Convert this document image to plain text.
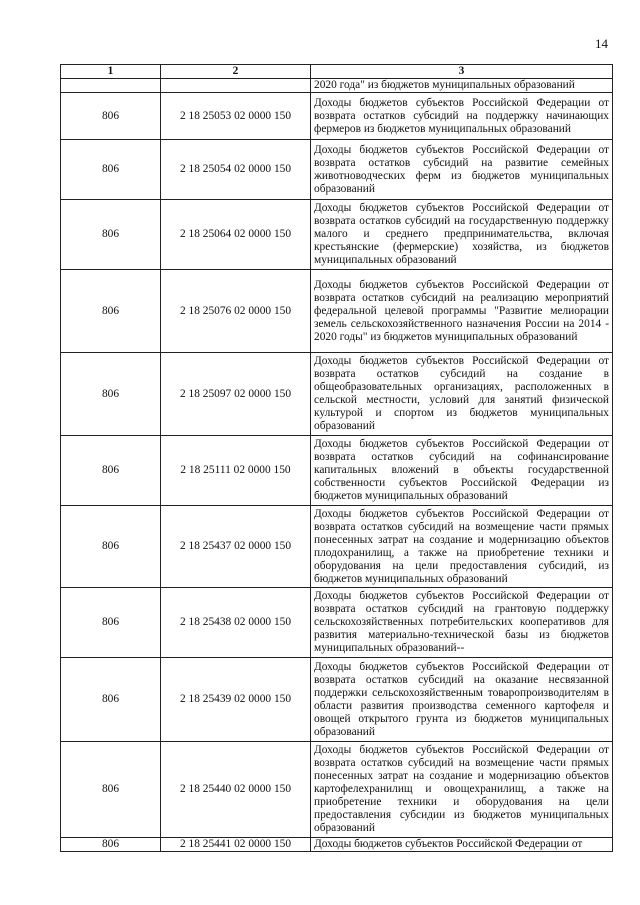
14
1	2	3
		2020 года" из бюджетов муниципальных образований
806	2 18 25053 02 0000 150	Доходы бюджетов субъектов Российской Федерации от возврата остатков субсидий на поддержку начинающих фермеров из бюджетов муниципальных образований
806	2 18 25054 02 0000 150	Доходы бюджетов субъектов Российской Федерации от возврата остатков субсидий на развитие семейных животноводческих ферм из бюджетов муниципальных образований
806	2 18 25064 02 0000 150	Доходы бюджетов субъектов Российской Федерации от возврата остатков субсидий на государственную поддержку малого и среднего предпринимательства, включая крестьянские (фермерские) хозяйства, из бюджетов муниципальных образований
806	2 18 25076 02 0000 150	Доходы бюджетов субъектов Российской Федерации от возврата остатков субсидий на реализацию мероприятий федеральной целевой программы "Развитие мелиорации земель сельскохозяйственного назначения России на 2014 - 2020 годы" из бюджетов муниципальных образований
806	2 18 25097 02 0000 150	Доходы бюджетов субъектов Российской Федерации от возврата остатков субсидий на создание в общеобразовательных организациях, расположенных в сельской местности, условий для занятий физической культурой и спортом из бюджетов муниципальных образований
806	2 18 25111 02 0000 150	Доходы бюджетов субъектов Российской Федерации от возврата остатков субсидий на софинансирование капитальных вложений в объекты государственной собственности субъектов Российской Федерации из бюджетов муниципальных образований
806	2 18 25437 02 0000 150	Доходы бюджетов субъектов Российской Федерации от возврата остатков субсидий на возмещение части прямых понесенных затрат на создание и модернизацию объектов плодохранилищ, а также на приобретение техники и оборудования на цели предоставления субсидий, из бюджетов муниципальных образований
806	2 18 25438 02 0000 150	Доходы бюджетов субъектов Российской Федерации от возврата остатков субсидий на грантовую поддержку сельскохозяйственных потребительских кооперативов для развития материально-технической базы из бюджетов муниципальных образований--
806	2 18 25439 02 0000 150	Доходы бюджетов субъектов Российской Федерации от возврата остатков субсидий на оказание несвязанной поддержки сельскохозяйственным товаропроизводителям в области развития производства семенного картофеля и овощей открытого грунта из бюджетов муниципальных образований
806	2 18 25440 02 0000 150	Доходы бюджетов субъектов Российской Федерации от возврата остатков субсидий на возмещение части прямых понесенных затрат на создание и модернизацию объектов картофелехранилищ и овощехранилищ, а также на приобретение техники и оборудования на цели предоставления субсидии из бюджетов муниципальных образований
806	2 18 25441 02 0000 150	Доходы бюджетов субъектов Российской Федерации от
